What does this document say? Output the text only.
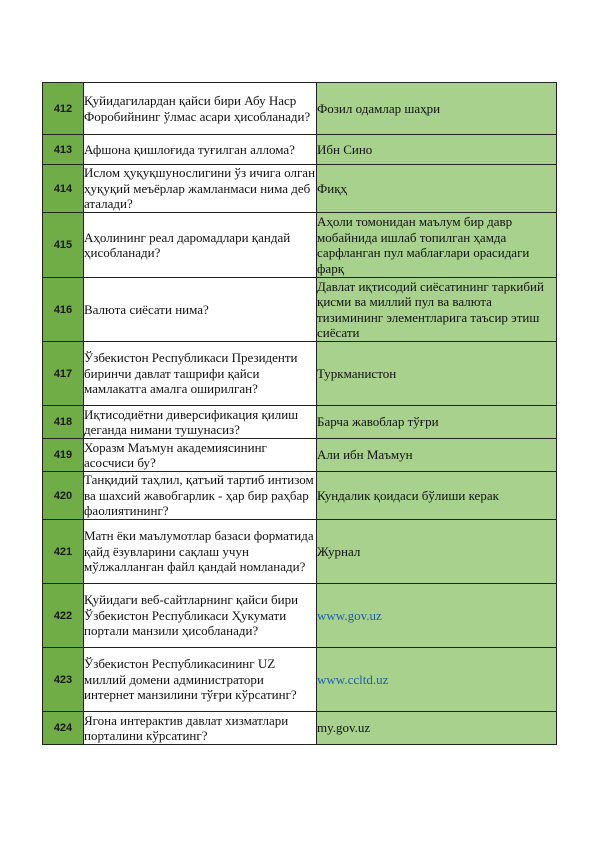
412	Қуйидагилардан қайси бири Абу Наср Форобийнинг ўлмас асари ҳисобланади?	Фозил одамлар шаҳри
413	Афшона қишлоғида туғилган аллома?	Ибн Сино
414	Ислом ҳуқуқшунослигини ўз ичига олган ҳуқуқий меъёрлар жамланмаси нима деб аталади?	Фиқҳ
415	Аҳолининг реал даромадлари қандай ҳисобланади?	Аҳоли томонидан маълум бир давр мобайнида ишлаб топилган ҳамда сарфланган пул маблағлари орасидаги фарқ
416	Валюта сиёсати нима?	Давлат иқтисодий сиёсатининг таркибий қисми ва миллий пул ва валюта тизимининг элементларига таъсир этиш сиёсати
417	Ўзбекистон Республикаси Президенти биринчи давлат ташрифи қайси мамлакатга амалга оширилган?	Туркманистон
418	Иқтисодиётни диверсификация қилиш деганда нимани тушунасиз?	Барча жавоблар тўғри
419	Хоразм Маъмун академиясининг асосчиси бу?	Али ибн Маъмун
420	Танқидий таҳлил, қатъий тартиб интизом ва шахсий жавобгарлик - ҳар бир раҳбар фаолиятининг?	Кундалик қоидаси бўлиши керак
421	Матн ёки маълумотлар базаси форматида қайд ёзувларини сақлаш учун мўлжалланган файл қандай номланади?	Журнал
422	Қуйидаги веб-сайтларнинг қайси бири Ўзбекистон Республикаси Ҳукумати портали манзили ҳисобланади?	www.gov.uz
423	Ўзбекистон Республикасининг UZ миллий домени администратори интернет манзилини тўғри кўрсатинг?	www.ccltd.uz
424	Ягона интерактив давлат хизматлари порталини кўрсатинг?	my.gov.uz
